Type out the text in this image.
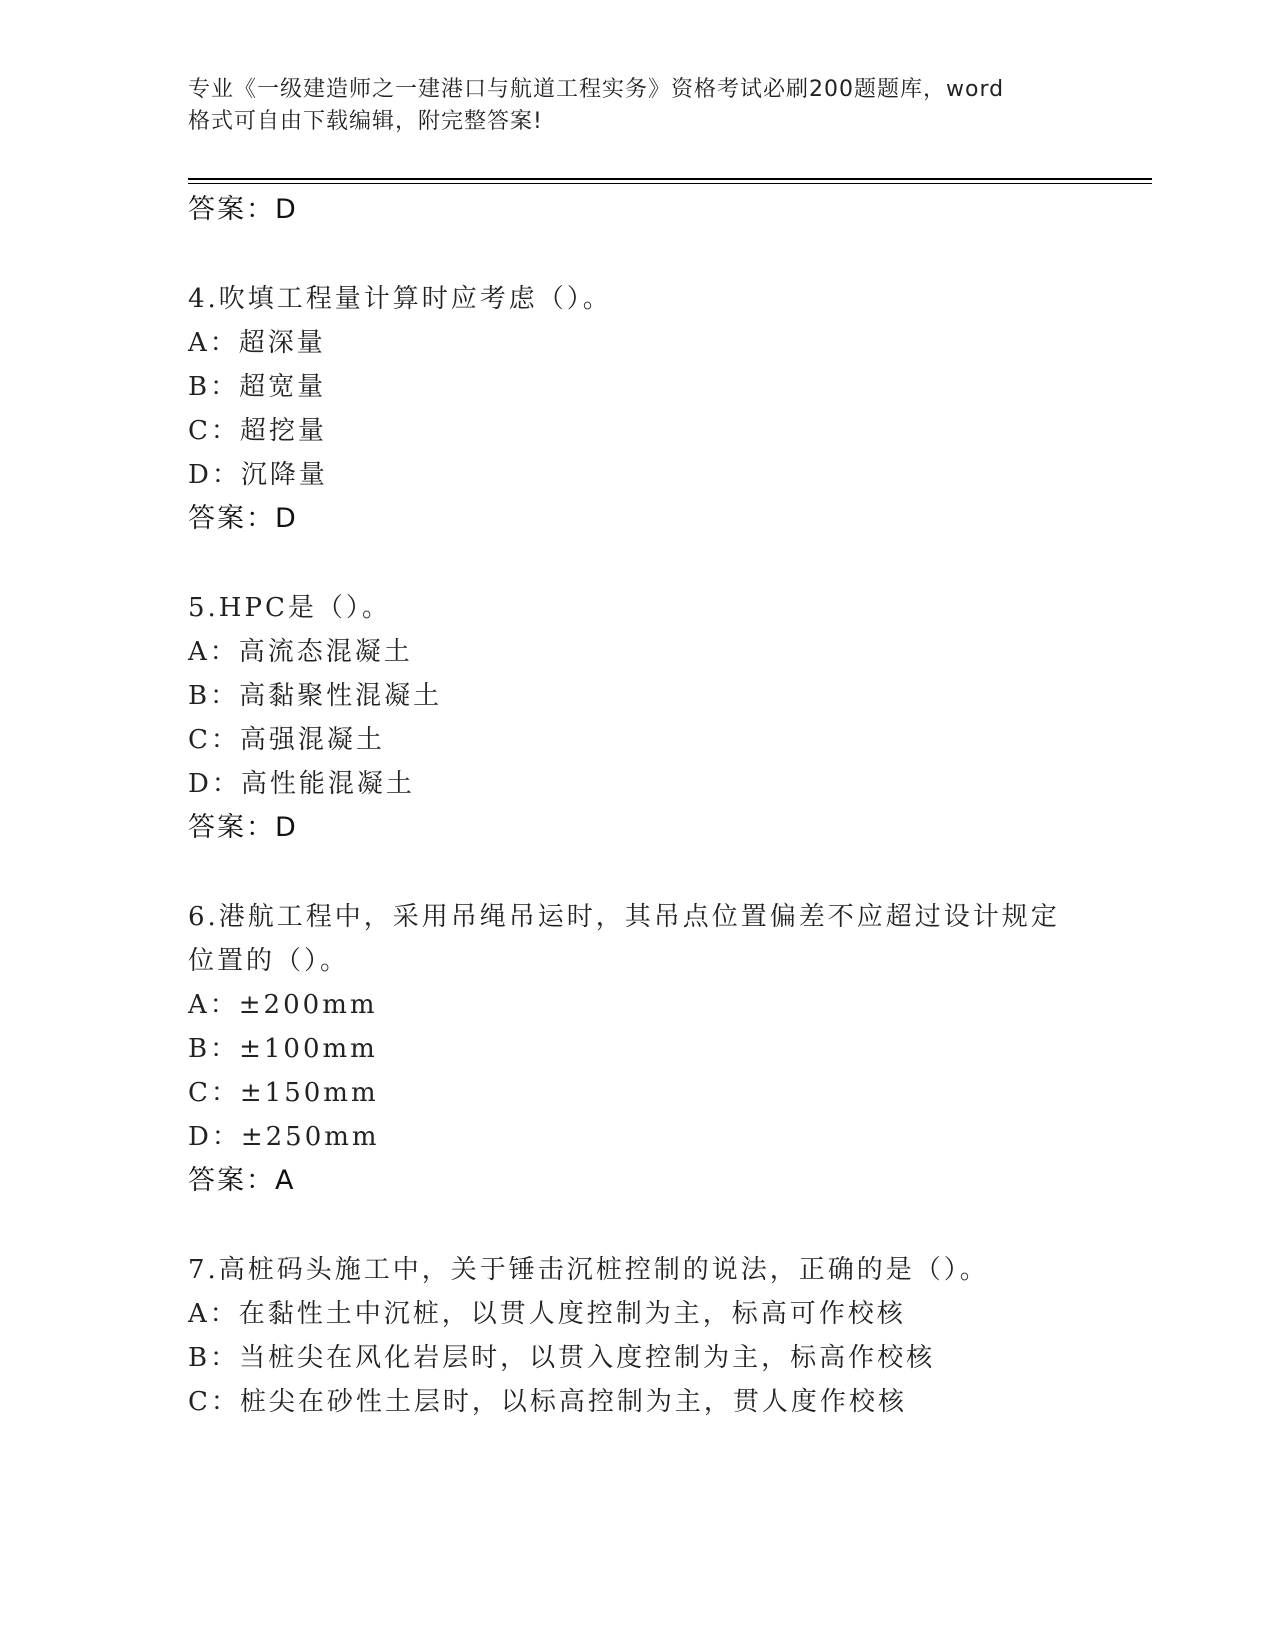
专业《一级建造师之一建港口与航道工程实务》资格考试必刷200题题库，word
格式可自由下载编辑，附完整答案!
答案：D
4.吹填工程量计算时应考虑（）。
A：超深量
B：超宽量
C：超挖量
D：沉降量
答案：D
5.HPC是（）。
A：高流态混凝土
B：高黏聚性混凝土
C：高强混凝土
D：高性能混凝土
答案：D
6.港航工程中，采用吊绳吊运时，其吊点位置偏差不应超过设计规定
位置的（）。
A：±200mm
B：±100mm
C：±150mm
D：±250mm
答案：A
7.高桩码头施工中，关于锤击沉桩控制的说法，正确的是（）。
A：在黏性土中沉桩，以贯人度控制为主，标高可作校核
B：当桩尖在风化岩层时，以贯入度控制为主，标高作校核
C：桩尖在砂性土层时，以标高控制为主，贯人度作校核
